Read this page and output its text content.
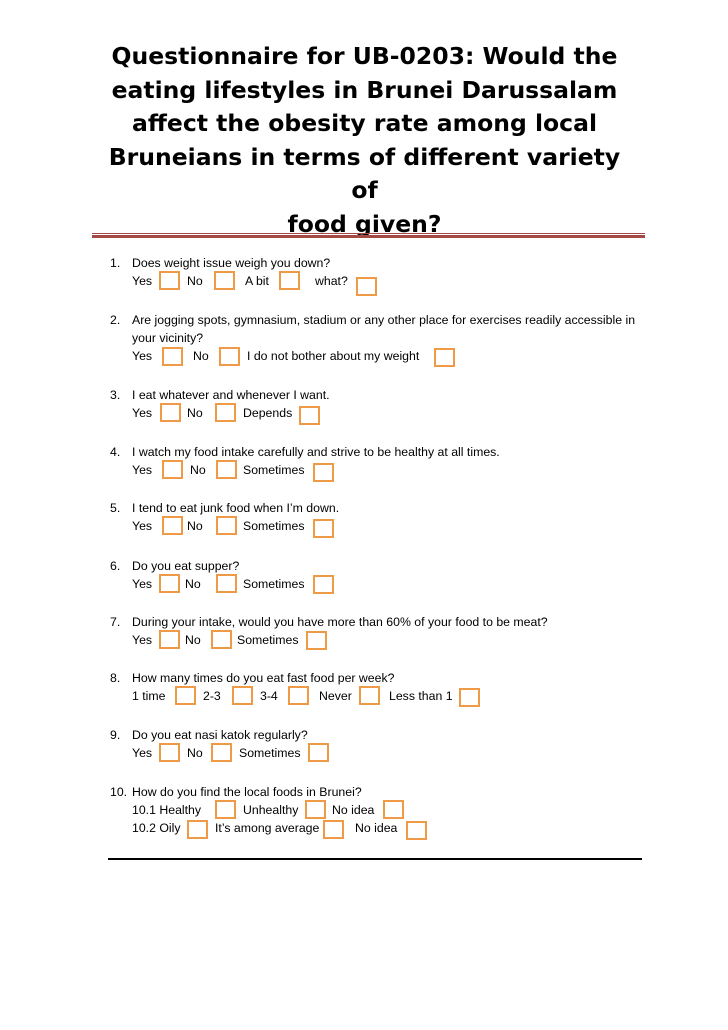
Questionnaire for UB-0203: Would the
eating lifestyles in Brunei Darussalam
affect the obesity rate among local
Bruneians in terms of different variety of
food given?
1. Does weight issue weigh you down?
Yes	No	A bit	what?
2. Are jogging spots, gymnasium, stadium or any other place for exercises readily accessible in
your vicinity?
Yes	No	I do not bother about my weight
3. I eat whatever and whenever I want.
Yes	No	Depends
4. I watch my food intake carefully and strive to be healthy at all times.
Yes	No	Sometimes
5. I tend to eat junk food when I’m down.
Yes	No	Sometimes
6. Do you eat supper?
Yes	No	Sometimes
7. During your intake, would you have more than 60% of your food to be meat?
Yes	No	Sometimes
8. How many times do you eat fast food per week?
1 time	2-3	3-4	Never	Less than 1
9. Do you eat nasi katok regularly?
Yes	No	Sometimes
10. How do you find the local foods in Brunei?
10.1 Healthy	Unhealthy	No idea
10.2 Oily	It’s among average	No idea
